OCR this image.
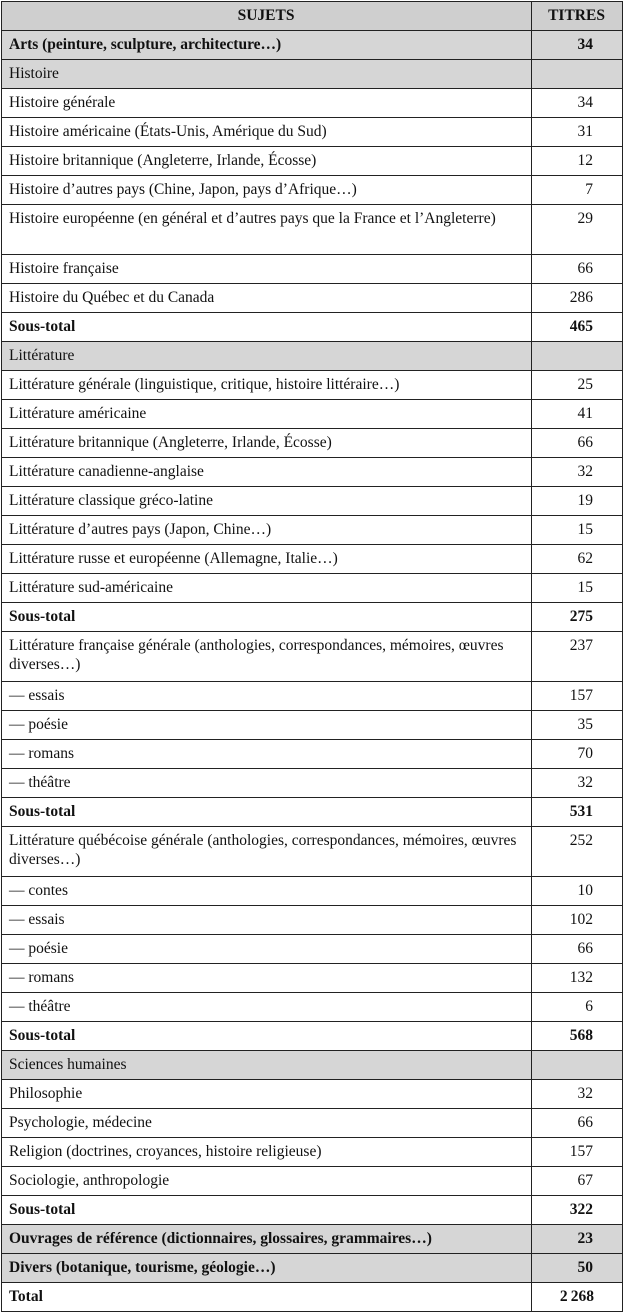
SUJETS	TITRES
Arts (peinture, sculpture, architecture…)	34
Histoire	
Histoire générale	34
Histoire américaine (États-Unis, Amérique du Sud)	31
Histoire britannique (Angleterre, Irlande, Écosse)	12
Histoire d’autres pays (Chine, Japon, pays d’Afrique…)	7
Histoire européenne (en général et d’autres pays que la France et l’Angleterre)	29
Histoire française	66
Histoire du Québec et du Canada	286
Sous-total	465
Littérature	
Littérature générale (linguistique, critique, histoire littéraire…)	25
Littérature américaine	41
Littérature britannique (Angleterre, Irlande, Écosse)	66
Littérature canadienne-anglaise	32
Littérature classique gréco-latine	19
Littérature d’autres pays (Japon, Chine…)	15
Littérature russe et européenne (Allemagne, Italie…)	62
Littérature sud-américaine	15
Sous-total	275
Littérature française générale (anthologies, correspondances, mémoires, œuvres diverses…)	237
— essais	157
— poésie	35
— romans	70
— théâtre	32
Sous-total	531
Littérature québécoise générale (anthologies, correspondances, mémoires, œuvres diverses…)	252
— contes	10
— essais	102
— poésie	66
— romans	132
— théâtre	6
Sous-total	568
Sciences humaines	
Philosophie	32
Psychologie, médecine	66
Religion (doctrines, croyances, histoire religieuse)	157
Sociologie, anthropologie	67
Sous-total	322
Ouvrages de référence (dictionnaires, glossaires, grammaires…)	23
Divers (botanique, tourisme, géologie…)	50
Total	2 268
